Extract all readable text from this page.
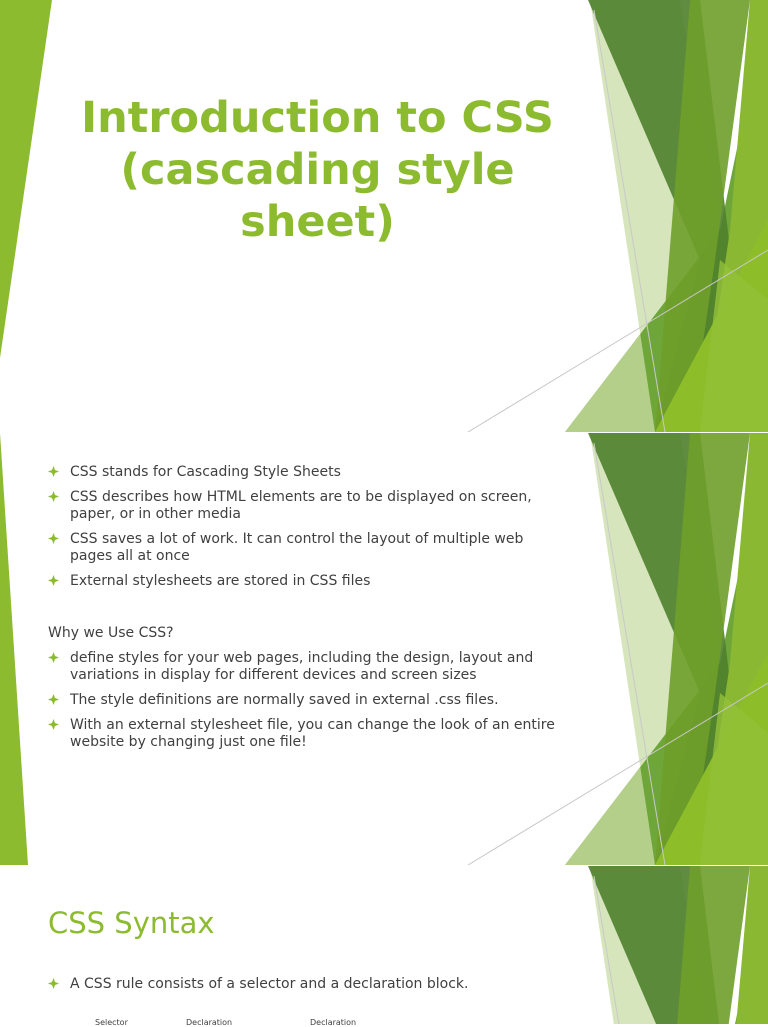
Introduction to CSS (cascading style sheet)
CSS stands for Cascading Style Sheets
CSS describes how HTML elements are to be displayed on screen, paper, or in other media
CSS saves a lot of work. It can control the layout of multiple web pages all at once
External stylesheets are stored in CSS files
Why we Use CSS?
define styles for your web pages, including the design, layout and variations in display for different devices and screen sizes
The style definitions are normally saved in external .css files.
With an external stylesheet file, you can change the look of an entire website by changing just one file!
CSS Syntax
A CSS rule consists of a selector and a declaration block.
Selector	Declaration	Declaration
